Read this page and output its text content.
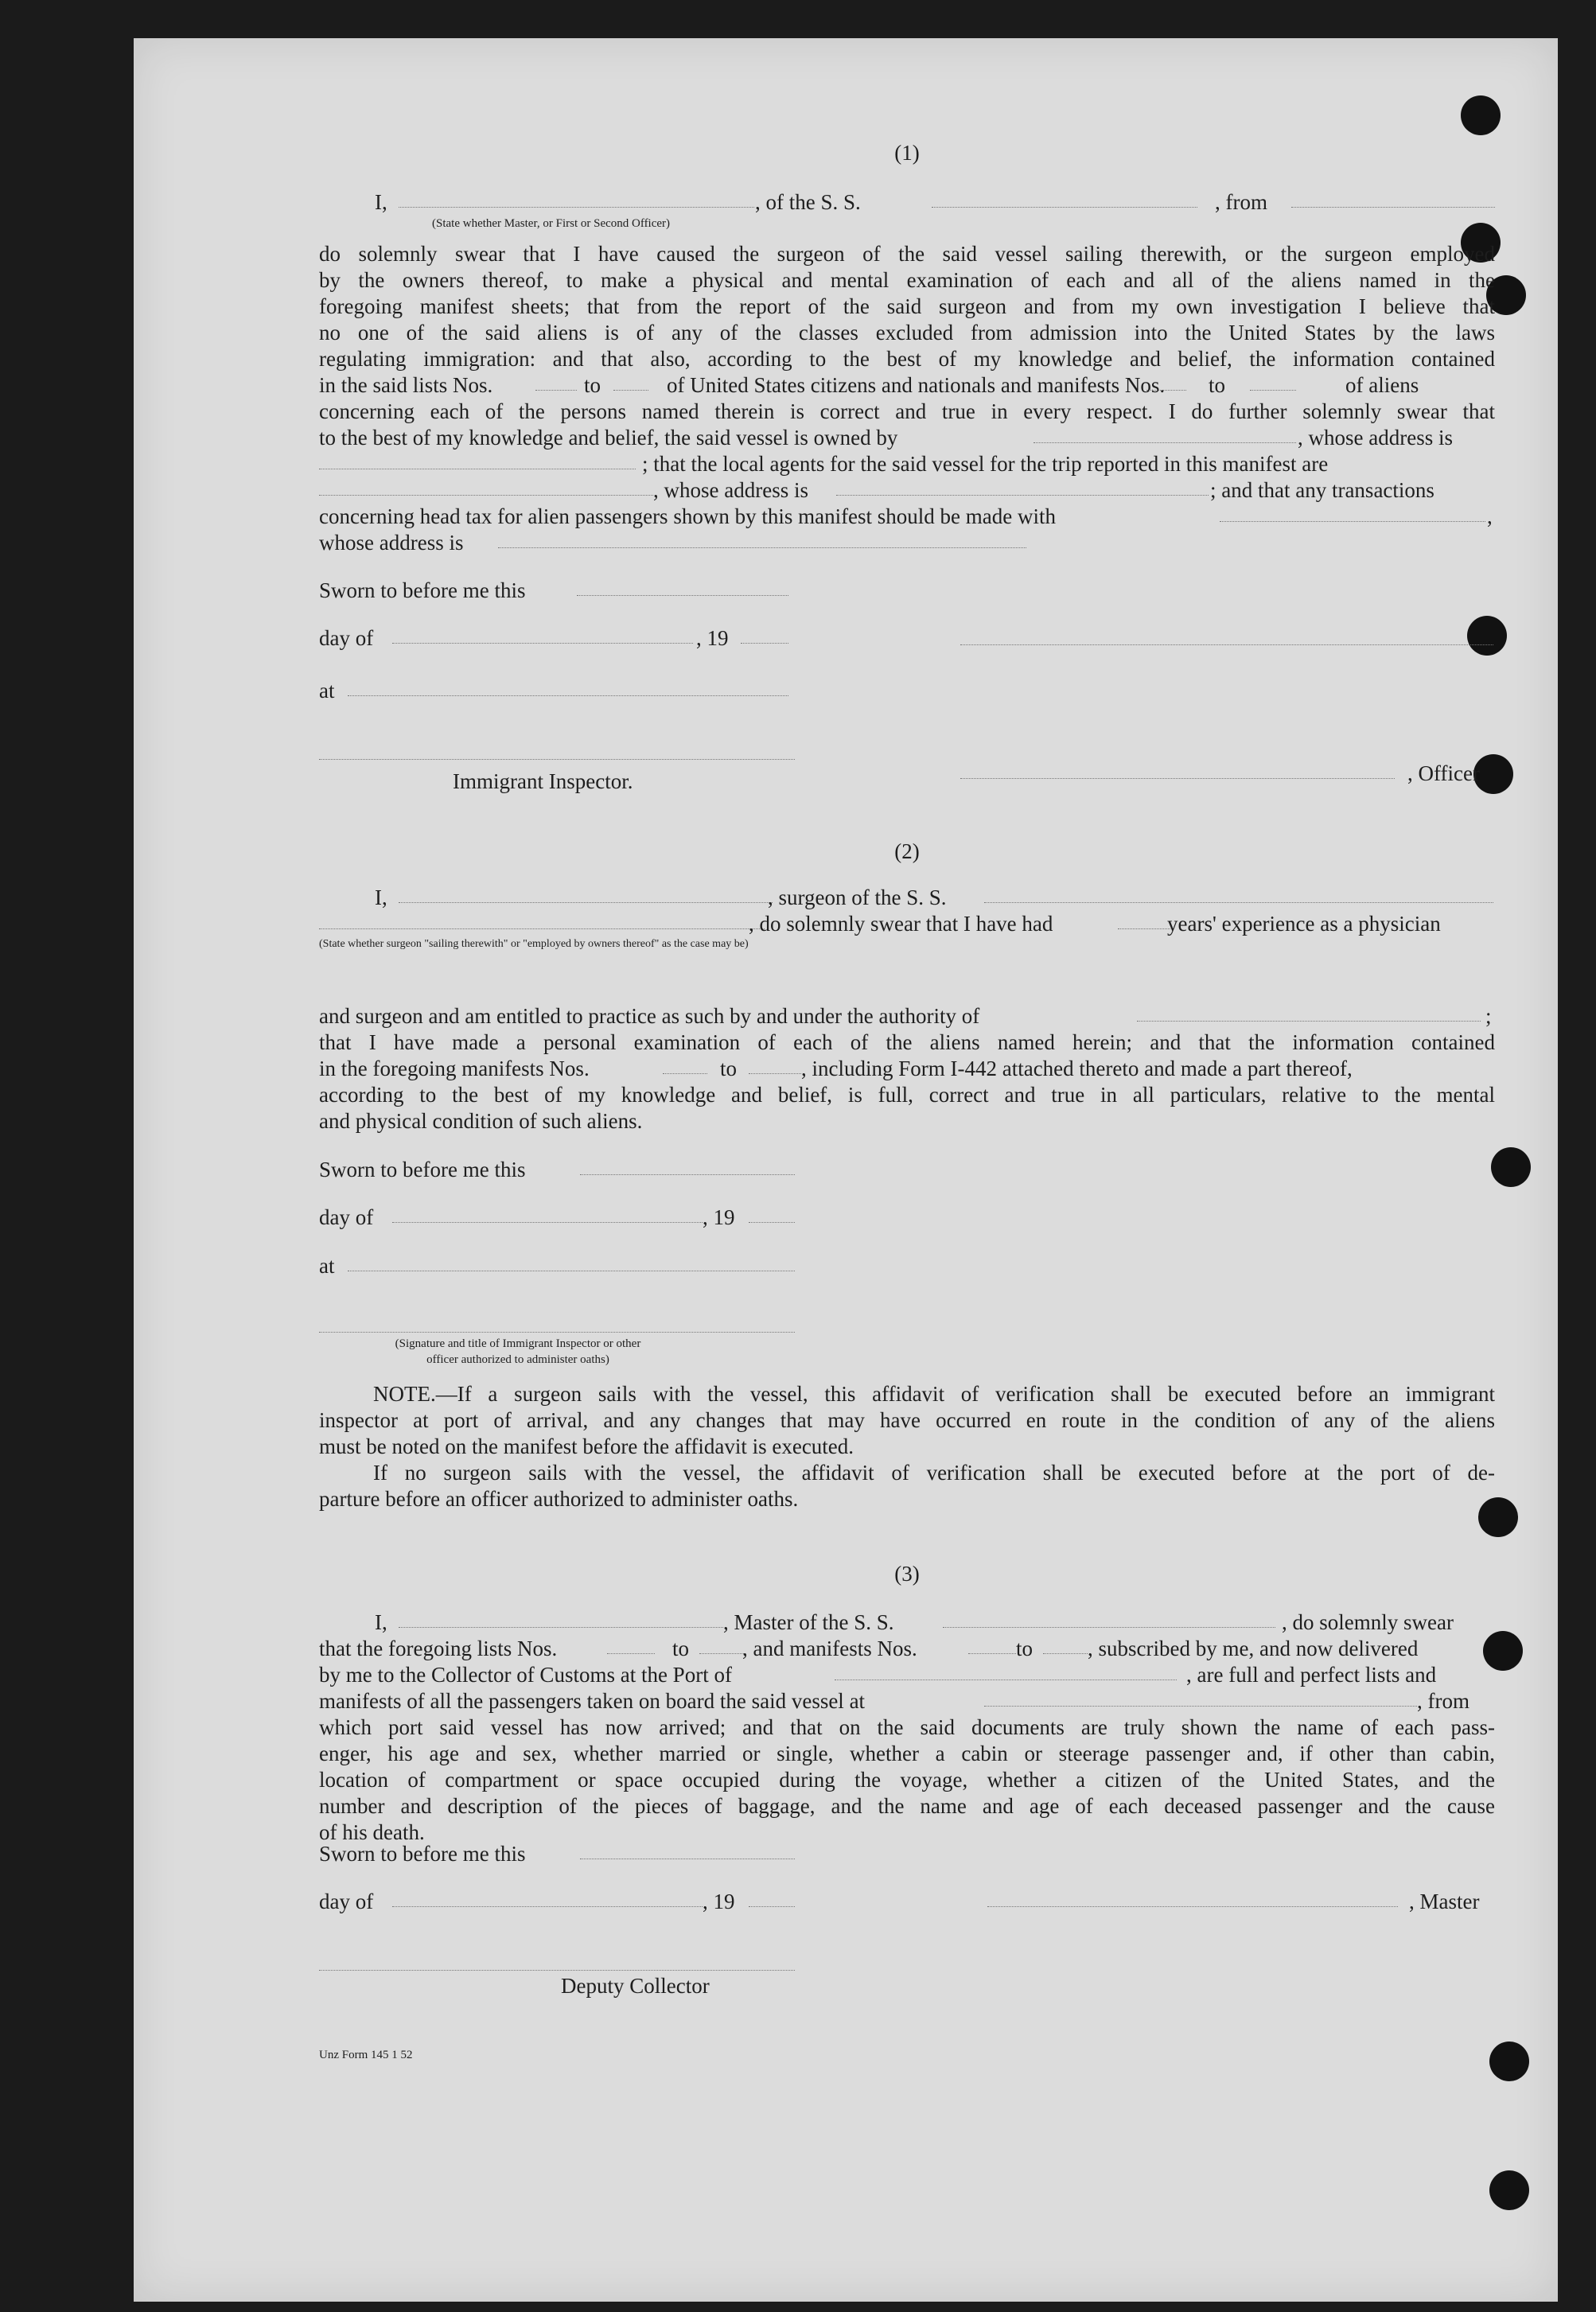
(1)
I,	, of the S. S.	, from
(State whether Master, or First or Second Officer)
do solemnly swear that I have caused the surgeon of the said vessel sailing therewith, or the surgeon employed
by the owners thereof, to make a physical and mental examination of each and all of the aliens named in the
foregoing manifest sheets; that from the report of the said surgeon and from my own investigation I believe that
no one of the said aliens is of any of the classes excluded from admission into the United States by the laws
regulating immigration: and that also, according to the best of my knowledge and belief, the information contained
in the said lists Nos.	to	of United States citizens and nationals and manifests Nos. to	of aliens
concerning each of the persons named therein is correct and true in every respect. I do further solemnly swear that
to the best of my knowledge and belief, the said vessel is owned by	, whose address is
; that the local agents for the said vessel for the trip reported in this manifest are
, whose address is	; and that any transactions
concerning head tax for alien passengers shown by this manifest should be made with	,
whose address is
Sworn to before me this
day of	, 19
at
Immigrant Inspector.	, Officer
(2)
I,	, surgeon of the S. S.
, do solemnly swear that I have had	years' experience as a physician
(State whether surgeon "sailing therewith" or "employed by owners thereof" as the case may be)
and surgeon and am entitled to practice as such by and under the authority of	;
that I have made a personal examination of each of the aliens named herein; and that the information contained
in the foregoing manifests Nos.	to	, including Form I-442 attached thereto and made a part thereof,
according to the best of my knowledge and belief, is full, correct and true in all particulars, relative to the mental
and physical condition of such aliens.
Sworn to before me this
day of	, 19
at
(Signature and title of Immigrant Inspector or other
officer authorized to administer oaths)
NOTE.—If a surgeon sails with the vessel, this affidavit of verification shall be executed before an immigrant
inspector at port of arrival, and any changes that may have occurred en route in the condition of any of the aliens
must be noted on the manifest before the affidavit is executed.
If no surgeon sails with the vessel, the affidavit of verification shall be executed before at the port of de-
parture before an officer authorized to administer oaths.
(3)
I,	, Master of the S. S.	, do solemnly swear
that the foregoing lists Nos.	to , and manifests Nos.	to	, subscribed by me, and now delivered
by me to the Collector of Customs at the Port of	, are full and perfect lists and
manifests of all the passengers taken on board the said vessel at	, from
which port said vessel has now arrived; and that on the said documents are truly shown the name of each pass-
enger, his age and sex, whether married or single, whether a cabin or steerage passenger and, if other than cabin,
location of compartment or space occupied during the voyage, whether a citizen of the United States, and the
number and description of the pieces of baggage, and the name and age of each deceased passenger and the cause
of his death.
Sworn to before me this
day of	, 19	, Master
Deputy Collector
Unz Form 145 1 52
